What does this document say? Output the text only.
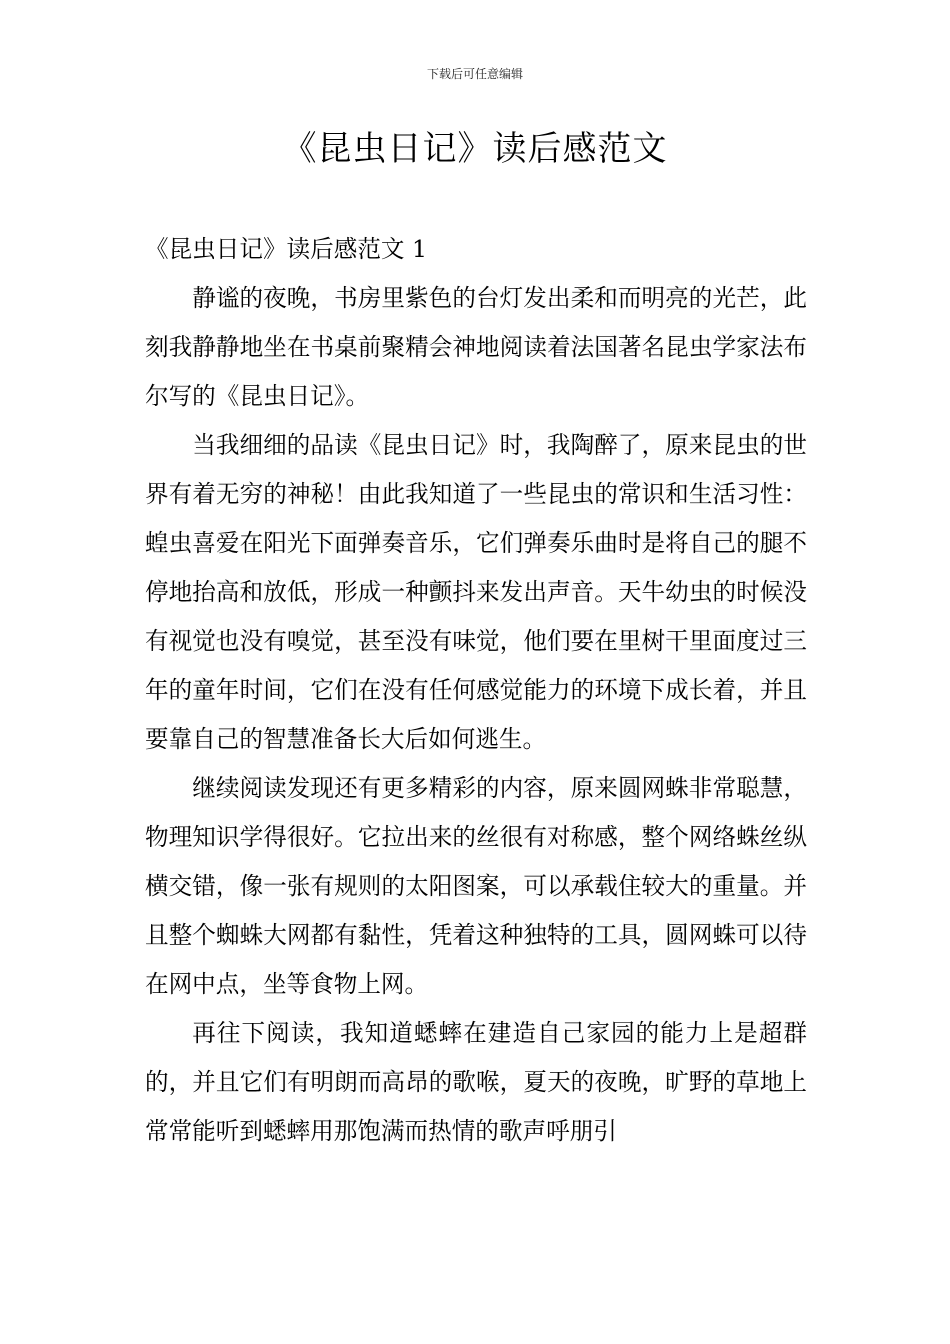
下载后可任意编辑
《昆虫日记》读后感范文
《昆虫日记》读后感范文 1

静谧的夜晚，书房里紫色的台灯发出柔和而明亮的光芒，此刻我静静地坐在书桌前聚精会神地阅读着法国著名昆虫学家法布尔写的《昆虫日记》。

当我细细的品读《昆虫日记》时，我陶醉了，原来昆虫的世界有着无穷的神秘！由此我知道了一些昆虫的常识和生活习性：蝗虫喜爱在阳光下面弹奏音乐，它们弹奏乐曲时是将自己的腿不停地抬高和放低，形成一种颤抖来发出声音。天牛幼虫的时候没有视觉也没有嗅觉，甚至没有味觉，他们要在里树干里面度过三年的童年时间，它们在没有任何感觉能力的环境下成长着，并且要靠自己的智慧准备长大后如何逃生。

继续阅读发现还有更多精彩的内容，原来圆网蛛非常聪慧，物理知识学得很好。它拉出来的丝很有对称感，整个网络蛛丝纵横交错，像一张有规则的太阳图案，可以承载住较大的重量。并且整个蜘蛛大网都有黏性，凭着这种独特的工具，圆网蛛可以待在网中点，坐等食物上网。

再往下阅读，我知道蟋蟀在建造自己家园的能力上是超群的，并且它们有明朗而高昂的歌喉，夏天的夜晚，旷野的草地上常常能听到蟋蟀用那饱满而热情的歌声呼朋引
